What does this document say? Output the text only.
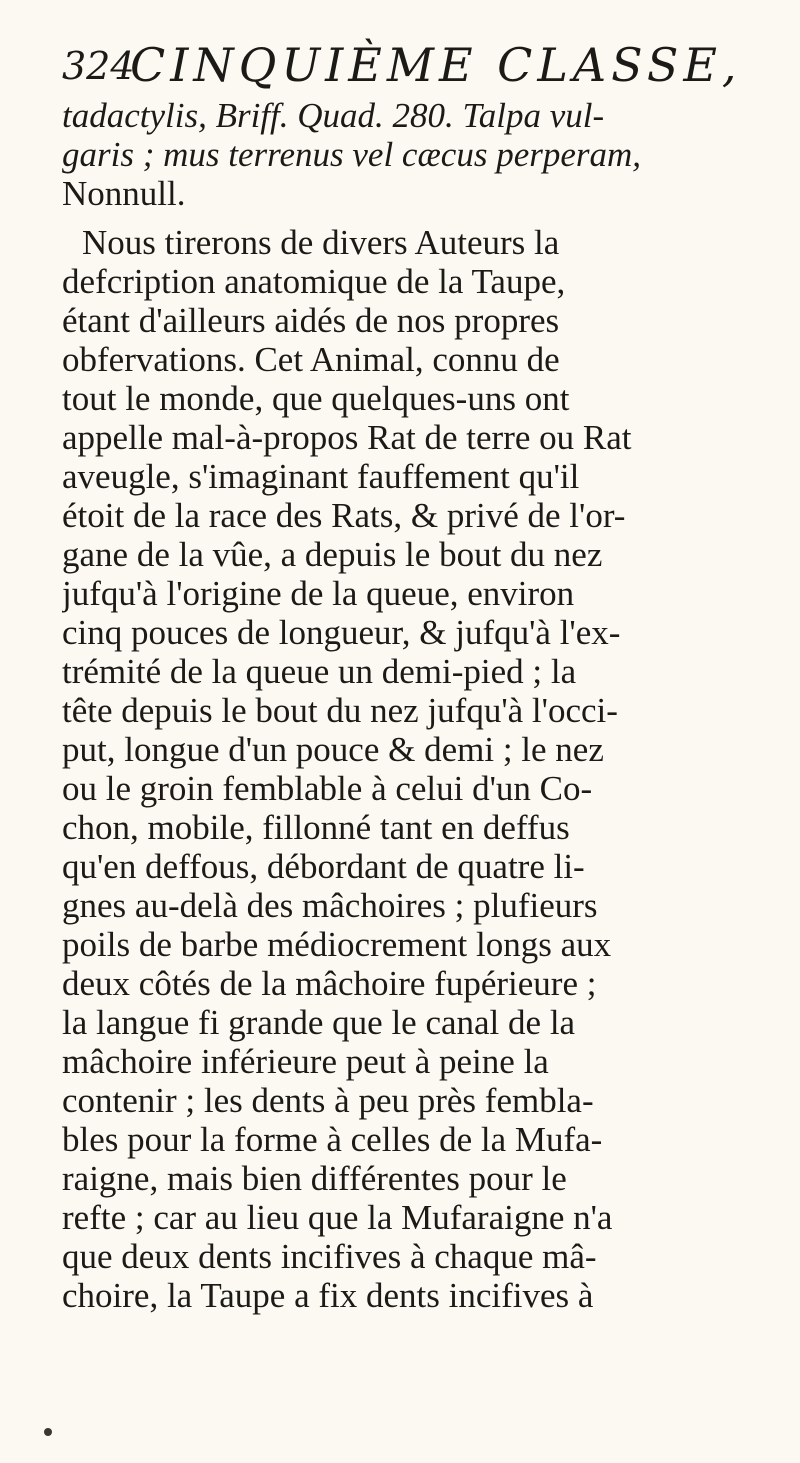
324
CINQUIÈME CLASSE,
tadactylis, Briff. Quad. 280. Talpa vul-
garis ; mus terrenus vel cæcus perperam,
Nonnull.
Nous tirerons de divers Auteurs la
defcription anatomique de la Taupe,
étant d'ailleurs aidés de nos propres
obfervations. Cet Animal, connu de
tout le monde, que quelques-uns ont
appelle mal-à-propos Rat de terre ou Rat
aveugle, s'imaginant fauffement qu'il
étoit de la race des Rats, & privé de l'or-
gane de la vûe, a depuis le bout du nez
jufqu'à l'origine de la queue, environ
cinq pouces de longueur, & jufqu'à l'ex-
trémité de la queue un demi-pied ; la
tête depuis le bout du nez jufqu'à l'occi-
put, longue d'un pouce & demi ; le nez
ou le groin femblable à celui d'un Co-
chon, mobile, fillonné tant en deffus
qu'en deffous, débordant de quatre li-
gnes au-delà des mâchoires ; plufieurs
poils de barbe médiocrement longs aux
deux côtés de la mâchoire fupérieure ;
la langue fi grande que le canal de la
mâchoire inférieure peut à peine la
contenir ; les dents à peu près fembla-
bles pour la forme à celles de la Mufa-
raigne, mais bien différentes pour le
refte ; car au lieu que la Mufaraigne n'a
que deux dents incifives à chaque mâ-
choire, la Taupe a fix dents incifives à
